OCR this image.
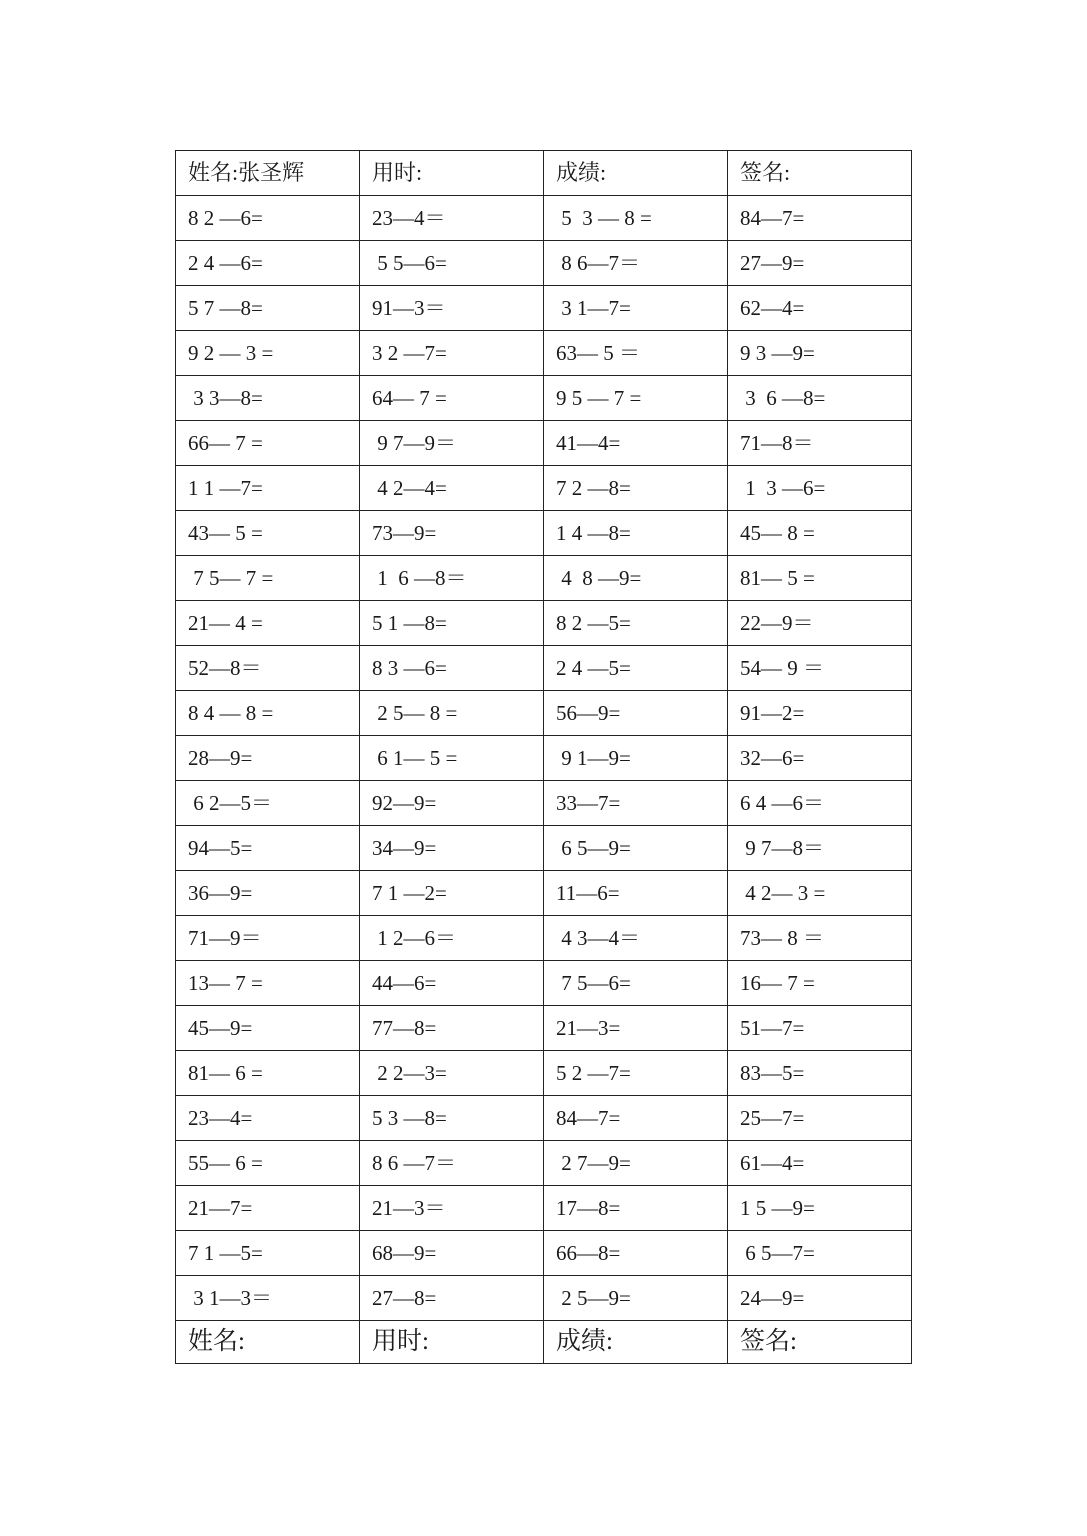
姓名:张圣辉	用时:	成绩:	签名:
8 2 —6=	23—4＝	5  3 — 8 =	84—7=
2 4 —6=	5 5—6=	8 6—7＝	27—9=
5 7 —8=	91—3＝	3 1—7=	62—4=
9 2 — 3 =	3 2 —7=	63— 5 ＝	9 3 —9=
3 3—8=	64— 7 =	9 5 — 7 =	3  6 —8=
66— 7 =	9 7—9＝	41—4=	71—8＝
1 1 —7=	4 2—4=	7 2 —8=	1  3 —6=
43— 5 =	73—9=	1 4 —8=	45— 8 =
7 5— 7 =	1  6 —8＝	4  8 —9=	81— 5 =
21— 4 =	5 1 —8=	8 2 —5=	22—9＝
52—8＝	8 3 —6=	2 4 —5=	54— 9 ＝
8 4 — 8 =	2 5— 8 =	56—9=	91—2=
28—9=	6 1— 5 =	9 1—9=	32—6=
6 2—5＝	92—9=	33—7=	6 4 —6＝
94—5=	34—9=	6 5—9=	9 7—8＝
36—9=	7 1 —2=	11—6=	4 2— 3 =
71—9＝	1 2—6＝	4 3—4＝	73— 8 ＝
13— 7 =	44—6=	7 5—6=	16— 7 =
45—9=	77—8=	21—3=	51—7=
81— 6 =	2 2—3=	5 2 —7=	83—5=
23—4=	5 3 —8=	84—7=	25—7=
55— 6 =	8 6 —7＝	2 7—9=	61—4=
21—7=	21—3＝	17—8=	1 5 —9=
7 1 —5=	68—9=	66—8=	6 5—7=
3 1—3＝	27—8=	2 5—9=	24—9=
姓名:	用时:	成绩:	签名:
